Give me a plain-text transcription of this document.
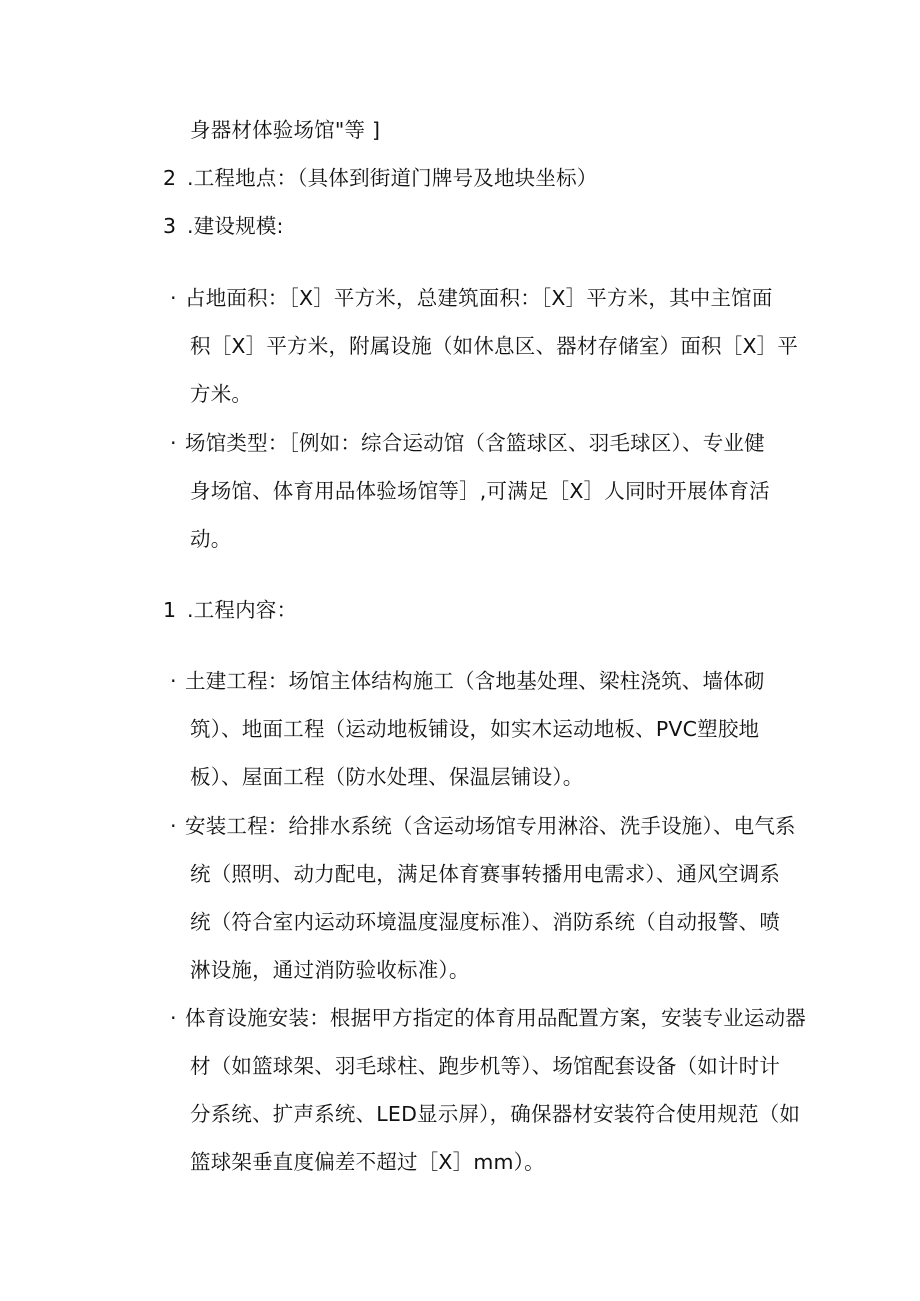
身器材体验场馆"等 ]
2 .工程地点：（具体到街道门牌号及地块坐标）
3 .建设规模:
· 占地面积：［X］平方米，总建筑面积：［X］平方米，其中主馆面
积［X］平方米，附属设施（如休息区、器材存储室）面积［X］平
方米。
· 场馆类型：［例如：综合运动馆（含篮球区、羽毛球区）、专业健
身场馆、体育用品体验场馆等］,可满足［X］人同时开展体育活
动。
1 .工程内容：
· 土建工程：场馆主体结构施工（含地基处理、梁柱浇筑、墙体砌
筑）、地面工程（运动地板铺设，如实木运动地板、PVC塑胶地
板）、屋面工程（防水处理、保温层铺设）。
· 安装工程：给排水系统（含运动场馆专用淋浴、洗手设施）、电气系
统（照明、动力配电，满足体育赛事转播用电需求）、通风空调系
统（符合室内运动环境温度湿度标准）、消防系统（自动报警、喷
淋设施，通过消防验收标准）。
· 体育设施安装：根据甲方指定的体育用品配置方案，安装专业运动器
材（如篮球架、羽毛球柱、跑步机等）、场馆配套设备（如计时计
分系统、扩声系统、LED显示屏），确保器材安装符合使用规范（如
篮球架垂直度偏差不超过［X］mm）。
